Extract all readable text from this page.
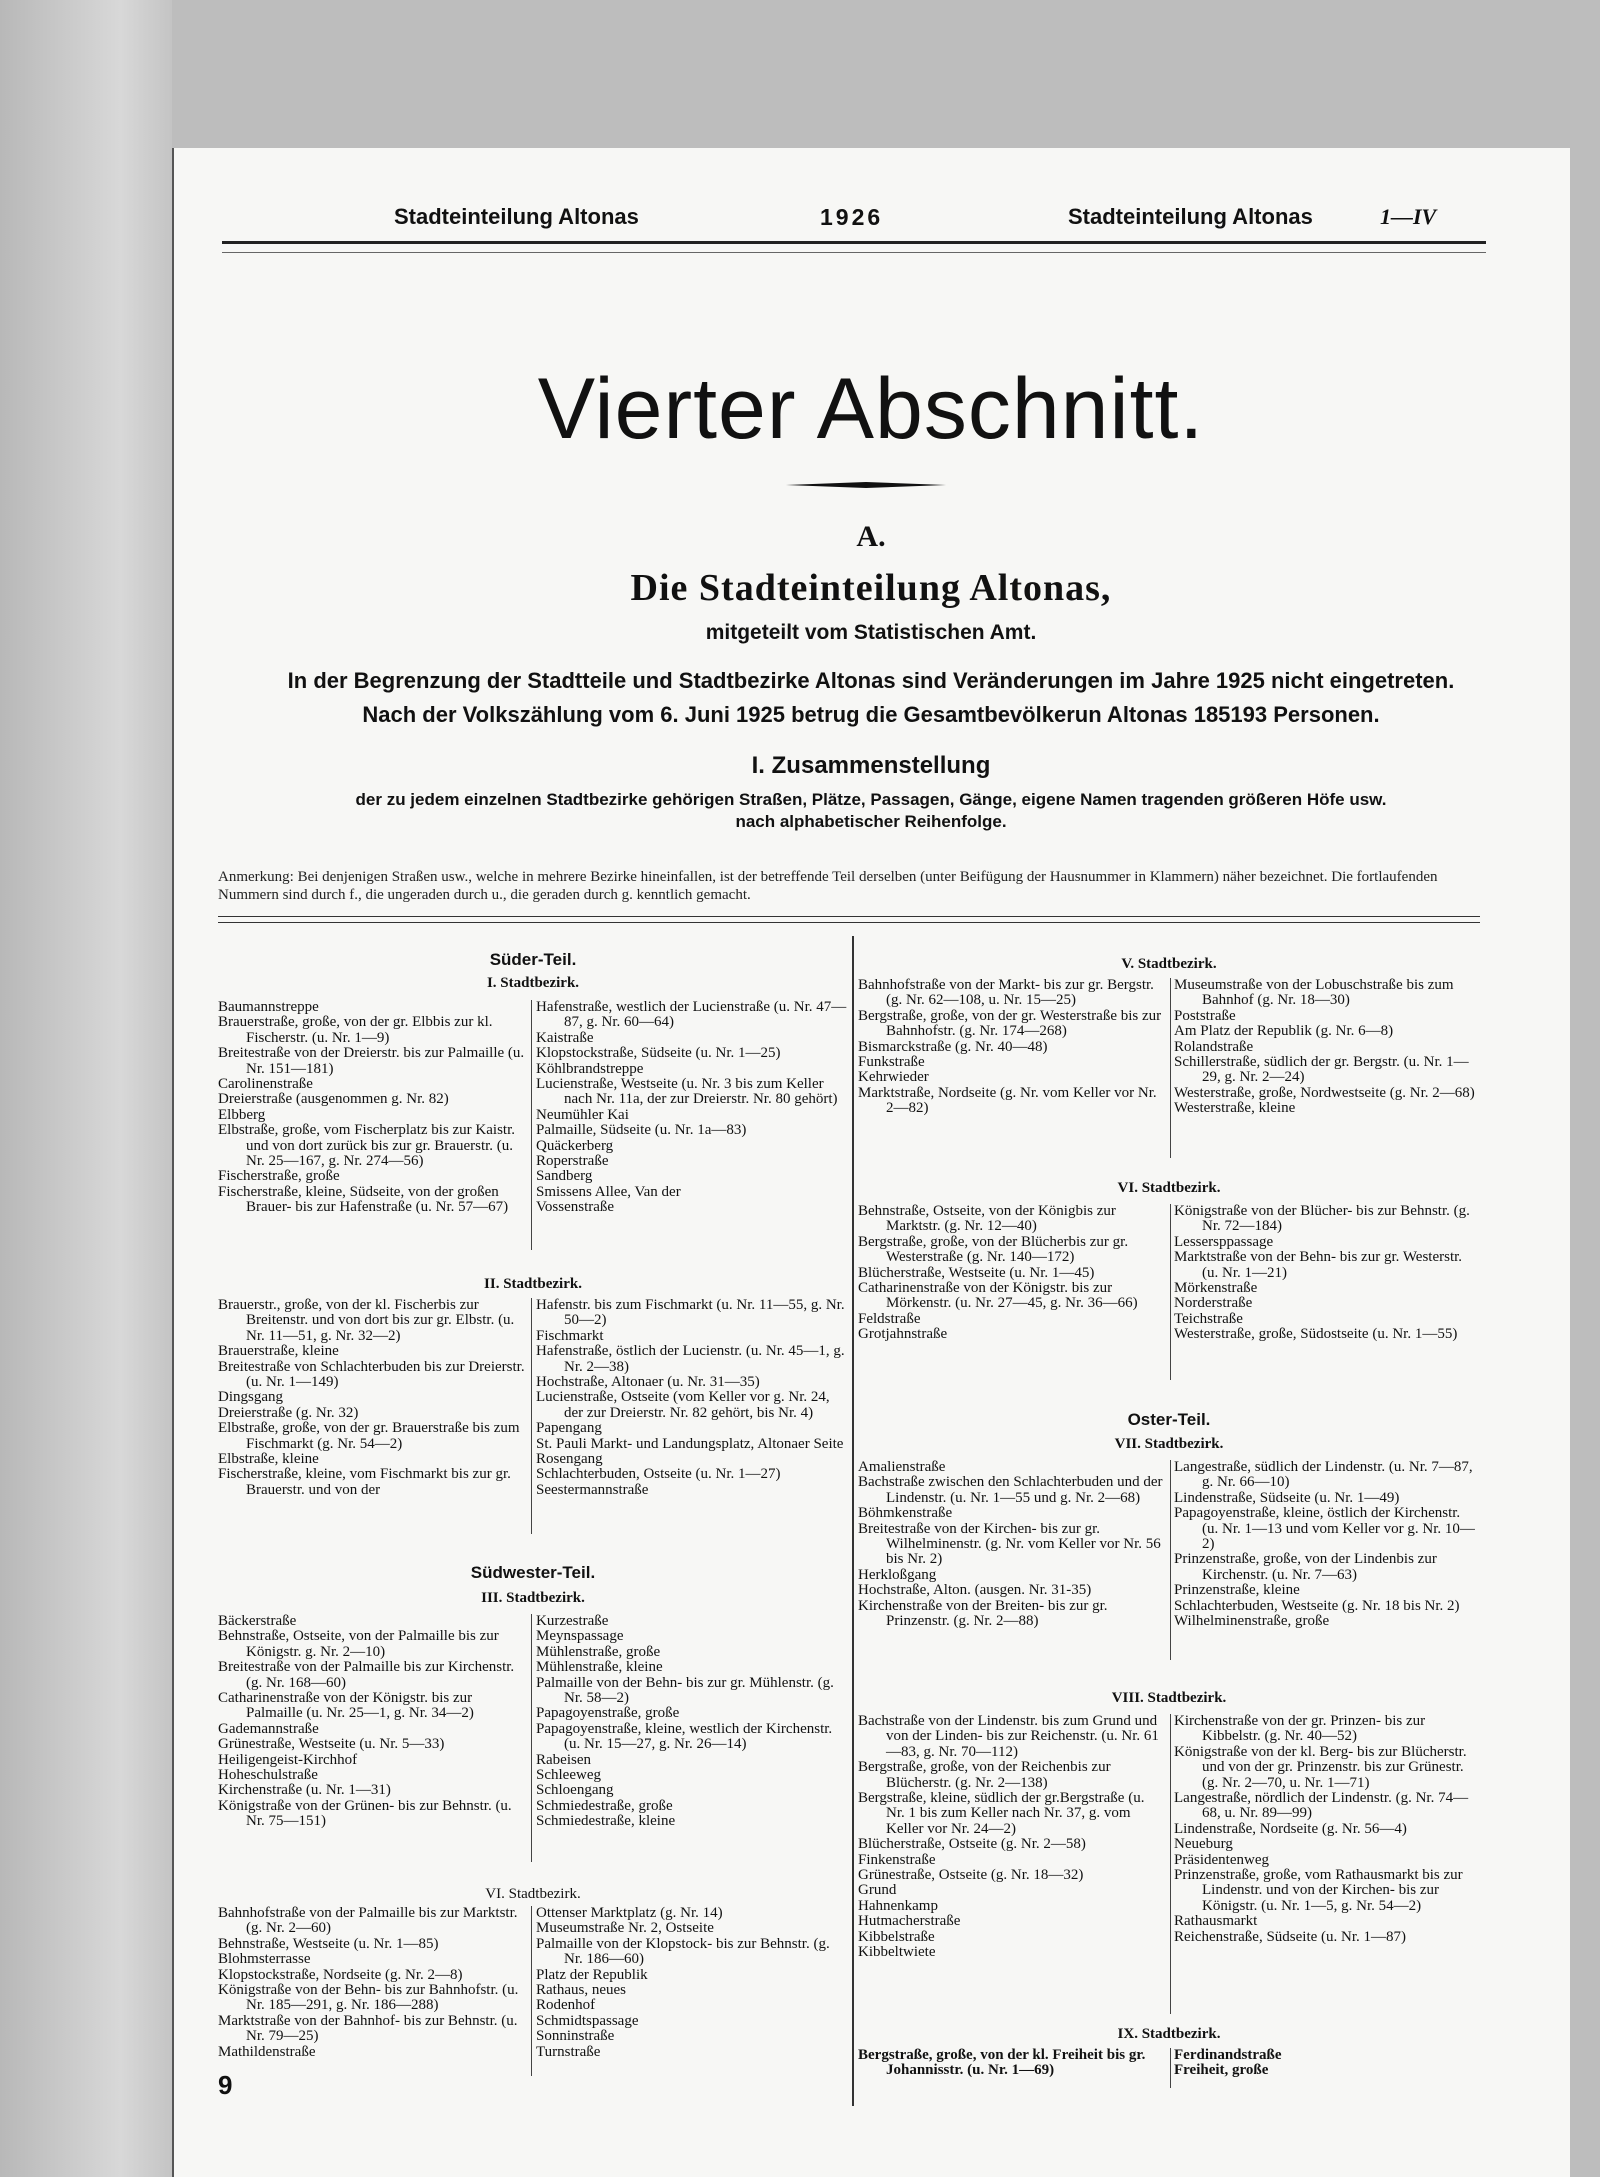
Stadteinteilung Altonas	1926	Stadteinteilung Altonas	1—IV
Vierter Abschnitt.
A.
Die Stadteinteilung Altonas,
mitgeteilt vom Statistischen Amt.
In der Begrenzung der Stadtteile und Stadtbezirke Altonas sind Veränderungen im Jahre 1925 nicht eingetreten.
Nach der Volkszählung vom 6. Juni 1925 betrug die Gesamtbevölkerun Altonas 185193 Personen.
I. Zusammenstellung
der zu jedem einzelnen Stadtbezirke gehörigen Straßen, Plätze, Passagen, Gänge, eigene Namen tragenden größeren Höfe usw.
nach alphabetischer Reihenfolge.
Anmerkung: Bei denjenigen Straßen usw., welche in mehrere Bezirke hineinfallen, ist der betreffende Teil derselben (unter Beifügung der Hausnummer in Klammern) näher bezeichnet. Die fortlaufenden Nummern sind durch f., die ungeraden durch u., die geraden durch g. kenntlich gemacht.
Süder-Teil.
I. Stadtbezirk.
Baumannstreppe
Brauerstraße, große, von der gr. Elbbis zur kl. Fischerstr. (u. Nr. 1—9)
Breitestraße von der Dreierstr. bis zur Palmaille (u. Nr. 151—181)
Carolinenstraße
Dreierstraße (ausgenommen g. Nr. 82)
Elbberg
Elbstraße, große, vom Fischerplatz bis zur Kaistr. und von dort zurück bis zur gr. Brauerstr. (u. Nr. 25—167, g. Nr. 274—56)
Fischerstraße, große
Fischerstraße, kleine, Südseite, von der großen Brauer- bis zur Hafenstraße (u. Nr. 57—67)
Hafenstraße, westlich der Lucienstraße (u. Nr. 47—87, g. Nr. 60—64)
Kaistraße
Klopstockstraße, Südseite (u. Nr. 1—25)
Köhlbrandstreppe
Lucienstraße, Westseite (u. Nr. 3 bis zum Keller nach Nr. 11a, der zur Dreierstr. Nr. 80 gehört)
Neumühler Kai
Palmaille, Südseite (u. Nr. 1a—83)
Quäckerberg
Roperstraße
Sandberg
Smissens Allee, Van der
Vossenstraße
II. Stadtbezirk.
Brauerstr., große, von der kl. Fischerbis zur Breitenstr. und von dort bis zur gr. Elbstr. (u. Nr. 11—51, g. Nr. 32—2)
Brauerstraße, kleine
Breitestraße von Schlachterbuden bis zur Dreierstr. (u. Nr. 1—149)
Dingsgang
Dreierstraße (g. Nr. 32)
Elbstraße, große, von der gr. Brauerstraße bis zum Fischmarkt (g. Nr. 54—2)
Elbstraße, kleine
Fischerstraße, kleine, vom Fischmarkt bis zur gr. Brauerstr. und von der
Hafenstr. bis zum Fischmarkt (u. Nr. 11—55, g. Nr. 50—2)
Fischmarkt
Hafenstraße, östlich der Lucienstr. (u. Nr. 45—1, g. Nr. 2—38)
Hochstraße, Altonaer (u. Nr. 31—35)
Lucienstraße, Ostseite (vom Keller vor g. Nr. 24, der zur Dreierstr. Nr. 82 gehört, bis Nr. 4)
Papengang
St. Pauli Markt- und Landungsplatz, Altonaer Seite
Rosengang
Schlachterbuden, Ostseite (u. Nr. 1—27)
Seestermannstraße
Südwester-Teil.
III. Stadtbezirk.
Bäckerstraße
Behnstraße, Ostseite, von der Palmaille bis zur Königstr. g. Nr. 2—10)
Breitestraße von der Palmaille bis zur Kirchenstr. (g. Nr. 168—60)
Catharinenstraße von der Königstr. bis zur Palmaille (u. Nr. 25—1, g. Nr. 34—2)
Gademannstraße
Grünestraße, Westseite (u. Nr. 5—33)
Heiligengeist-Kirchhof
Hoheschulstraße
Kirchenstraße (u. Nr. 1—31)
Königstraße von der Grünen- bis zur Behnstr. (u. Nr. 75—151)
Kurzestraße
Meynspassage
Mühlenstraße, große
Mühlenstraße, kleine
Palmaille von der Behn- bis zur gr. Mühlenstr. (g. Nr. 58—2)
Papagoyenstraße, große
Papagoyenstraße, kleine, westlich der Kirchenstr. (u. Nr. 15—27, g. Nr. 26—14)
Rabeisen
Schleeweg
Schloengang
Schmiedestraße, große
Schmiedestraße, kleine
VI. Stadtbezirk.
Bahnhofstraße von der Palmaille bis zur Marktstr. (g. Nr. 2—60)
Behnstraße, Westseite (u. Nr. 1—85)
Blohmsterrasse
Klopstockstraße, Nordseite (g. Nr. 2—8)
Königstraße von der Behn- bis zur Bahnhofstr. (u. Nr. 185—291, g. Nr. 186—288)
Marktstraße von der Bahnhof- bis zur Behnstr. (u. Nr. 79—25)
Mathildenstraße
Ottenser Marktplatz (g. Nr. 14)
Museumstraße Nr. 2, Ostseite
Palmaille von der Klopstock- bis zur Behnstr. (g. Nr. 186—60)
Platz der Republik
Rathaus, neues
Rodenhof
Schmidtspassage
Sonninstraße
Turnstraße
V. Stadtbezirk.
Bahnhofstraße von der Markt- bis zur gr. Bergstr. (g. Nr. 62—108, u. Nr. 15—25)
Bergstraße, große, von der gr. Westerstraße bis zur Bahnhofstr. (g. Nr. 174—268)
Bismarckstraße (g. Nr. 40—48)
Funkstraße
Kehrwieder
Marktstraße, Nordseite (g. Nr. vom Keller vor Nr. 2—82)
Museumstraße von der Lobuschstraße bis zum Bahnhof (g. Nr. 18—30)
Poststraße
Am Platz der Republik (g. Nr. 6—8)
Rolandstraße
Schillerstraße, südlich der gr. Bergstr. (u. Nr. 1—29, g. Nr. 2—24)
Westerstraße, große, Nordwestseite (g. Nr. 2—68)
Westerstraße, kleine
VI. Stadtbezirk.
Behnstraße, Ostseite, von der Königbis zur Marktstr. (g. Nr. 12—40)
Bergstraße, große, von der Blücherbis zur gr. Westerstraße (g. Nr. 140—172)
Blücherstraße, Westseite (u. Nr. 1—45)
Catharinenstraße von der Königstr. bis zur Mörkenstr. (u. Nr. 27—45, g. Nr. 36—66)
Feldstraße
Grotjahnstraße
Königstraße von der Blücher- bis zur Behnstr. (g. Nr. 72—184)
Lessersppassage
Marktstraße von der Behn- bis zur gr. Westerstr. (u. Nr. 1—21)
Mörkenstraße
Norderstraße
Teichstraße
Westerstraße, große, Südostseite (u. Nr. 1—55)
Oster-Teil.
VII. Stadtbezirk.
Amalienstraße
Bachstraße zwischen den Schlachterbuden und der Lindenstr. (u. Nr. 1—55 und g. Nr. 2—68)
Böhmkenstraße
Breitestraße von der Kirchen- bis zur gr. Wilhelminenstr. (g. Nr. vom Keller vor Nr. 56 bis Nr. 2)
Herkloßgang
Hochstraße, Alton. (ausgen. Nr. 31-35)
Kirchenstraße von der Breiten- bis zur gr. Prinzenstr. (g. Nr. 2—88)
Langestraße, südlich der Lindenstr. (u. Nr. 7—87, g. Nr. 66—10)
Lindenstraße, Südseite (u. Nr. 1—49)
Papagoyenstraße, kleine, östlich der Kirchenstr. (u. Nr. 1—13 und vom Keller vor g. Nr. 10—2)
Prinzenstraße, große, von der Lindenbis zur Kirchenstr. (u. Nr. 7—63)
Prinzenstraße, kleine
Schlachterbuden, Westseite (g. Nr. 18 bis Nr. 2)
Wilhelminenstraße, große
VIII. Stadtbezirk.
Bachstraße von der Lindenstr. bis zum Grund und von der Linden- bis zur Reichenstr. (u. Nr. 61—83, g. Nr. 70—112)
Bergstraße, große, von der Reichenbis zur Blücherstr. (g. Nr. 2—138)
Bergstraße, kleine, südlich der gr.Bergstraße (u. Nr. 1 bis zum Keller nach Nr. 37, g. vom Keller vor Nr. 24—2)
Blücherstraße, Ostseite (g. Nr. 2—58)
Finkenstraße
Grünestraße, Ostseite (g. Nr. 18—32)
Grund
Hahnenkamp
Hutmacherstraße
Kibbelstraße
Kibbeltwiete
Kirchenstraße von der gr. Prinzen- bis zur Kibbelstr. (g. Nr. 40—52)
Königstraße von der kl. Berg- bis zur Blücherstr. und von der gr. Prinzenstr. bis zur Grünestr. (g. Nr. 2—70, u. Nr. 1—71)
Langestraße, nördlich der Lindenstr. (g. Nr. 74—68, u. Nr. 89—99)
Lindenstraße, Nordseite (g. Nr. 56—4)
Neueburg
Präsidentenweg
Prinzenstraße, große, vom Rathausmarkt bis zur Lindenstr. und von der Kirchen- bis zur Königstr. (u. Nr. 1—5, g. Nr. 54—2)
Rathausmarkt
Reichenstraße, Südseite (u. Nr. 1—87)
IX. Stadtbezirk.
Bergstraße, große, von der kl. Freiheit bis gr. Johannisstr. (u. Nr. 1—69)
Ferdinandstraße
Freiheit, große
9
